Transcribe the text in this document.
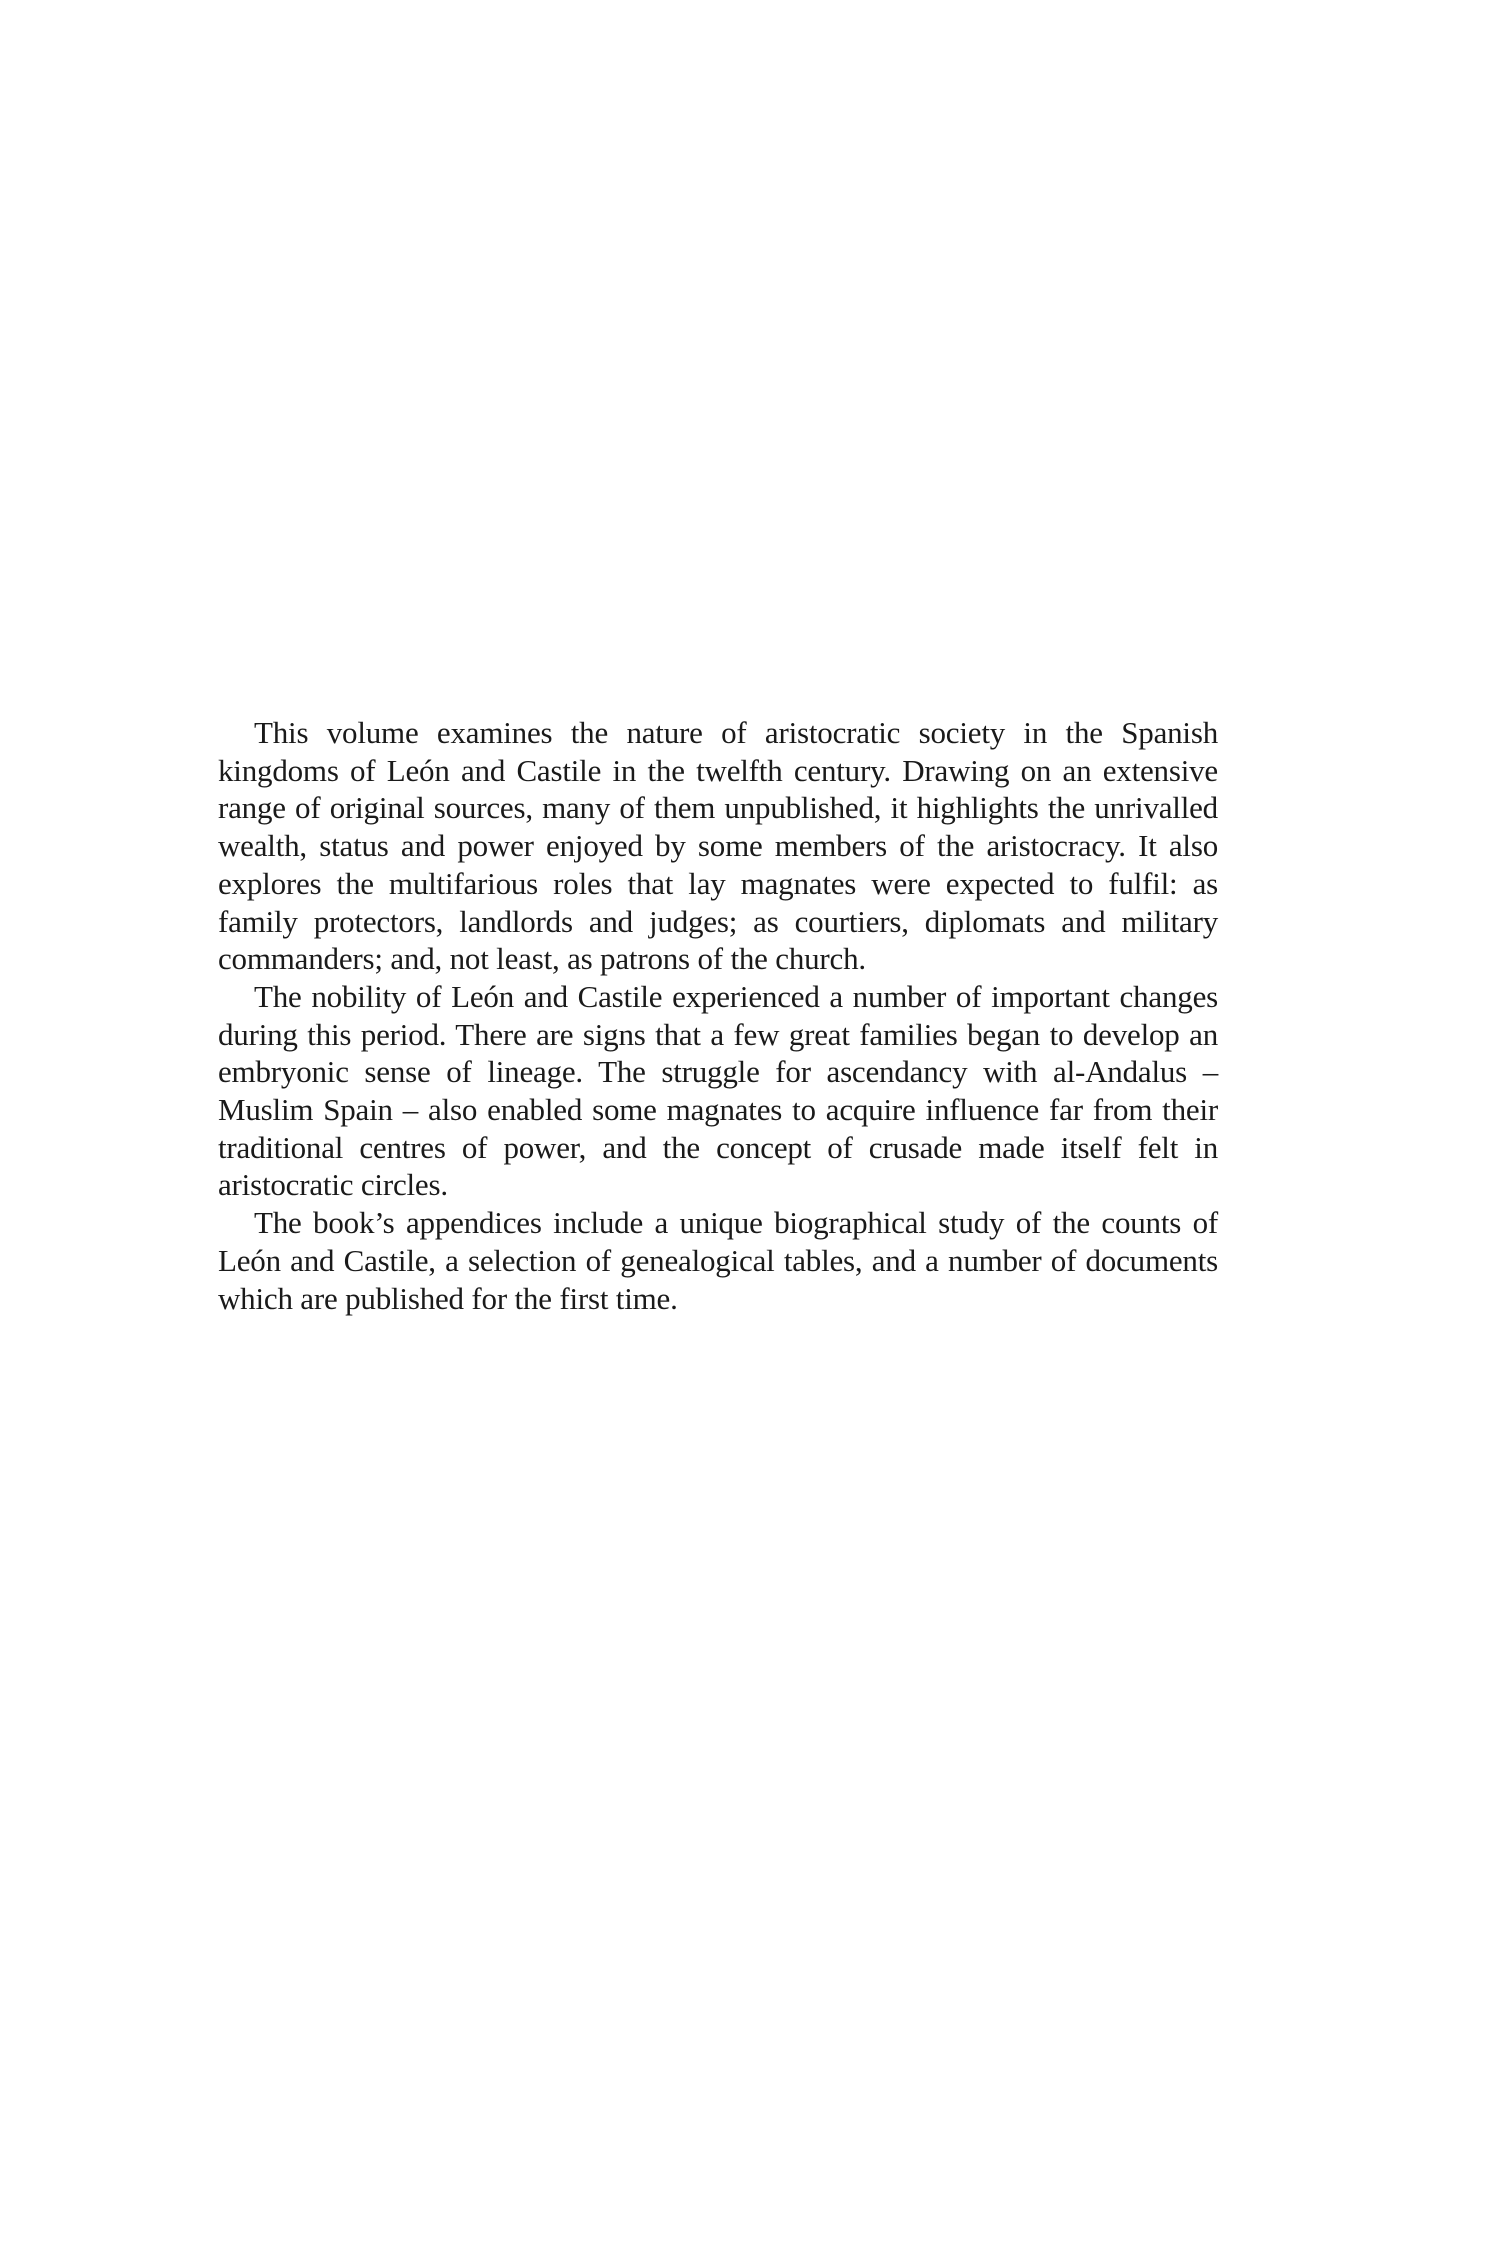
This volume examines the nature of aristocratic society in the Spanish kingdoms of León and Castile in the twelfth century. Drawing on an extensive range of original sources, many of them unpublished, it highlights the unrivalled wealth, status and power enjoyed by some members of the aristocracy. It also explores the multifarious roles that lay magnates were expected to fulfil: as family protectors, landlords and judges; as courtiers, diplomats and military commanders; and, not least, as patrons of the church.

The nobility of León and Castile experienced a number of important changes during this period. There are signs that a few great families began to develop an embryonic sense of lineage. The struggle for ascendancy with al-Andalus – Muslim Spain – also enabled some magnates to acquire influence far from their traditional centres of power, and the concept of crusade made itself felt in aristocratic circles.

The book’s appendices include a unique biographical study of the counts of León and Castile, a selection of genealogical tables, and a number of documents which are published for the first time.
